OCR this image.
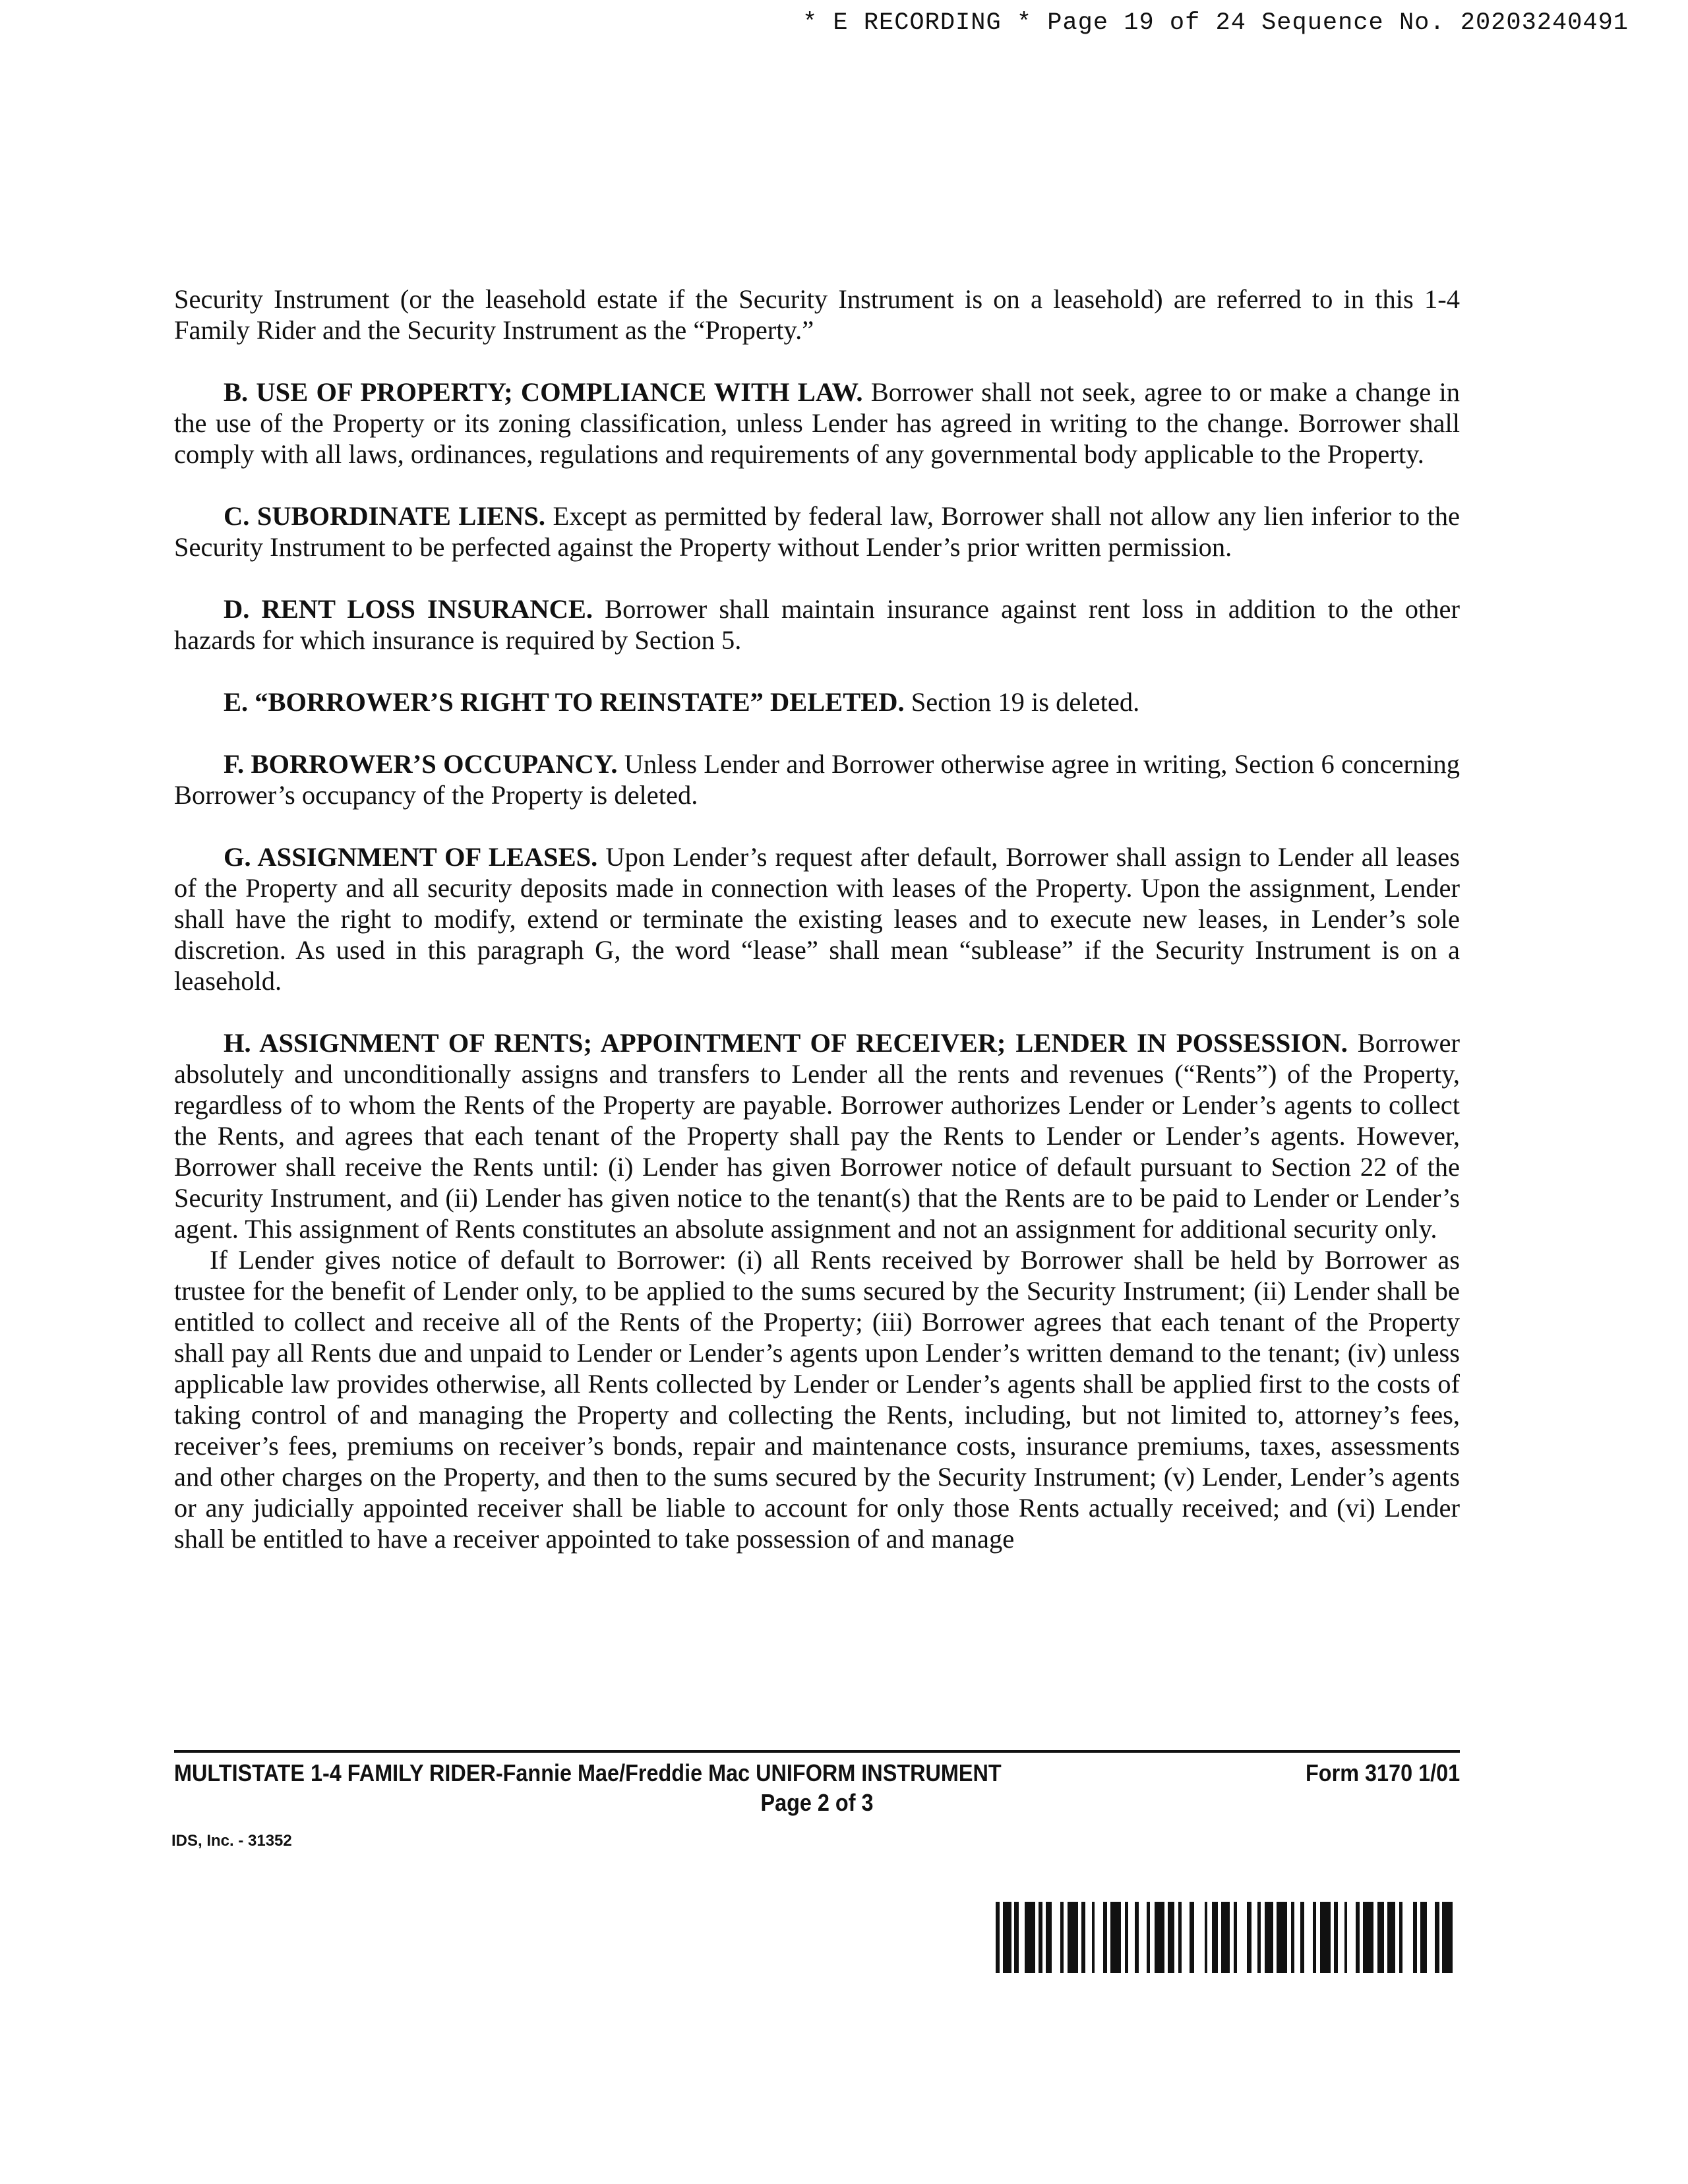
* E RECORDING * Page 19 of 24 Sequence No. 20203240491

Security Instrument (or the leasehold estate if the Security Instrument is on a leasehold) are referred to in this 1-4 Family Rider and the Security Instrument as the “Property.”

B. USE OF PROPERTY; COMPLIANCE WITH LAW. Borrower shall not seek, agree to or make a change in the use of the Property or its zoning classification, unless Lender has agreed in writing to the change. Borrower shall comply with all laws, ordinances, regulations and requirements of any governmental body applicable to the Property.

C. SUBORDINATE LIENS. Except as permitted by federal law, Borrower shall not allow any lien inferior to the Security Instrument to be perfected against the Property without Lender’s prior written permission.

D. RENT LOSS INSURANCE. Borrower shall maintain insurance against rent loss in addition to the other hazards for which insurance is required by Section 5.

E. “BORROWER’S RIGHT TO REINSTATE” DELETED. Section 19 is deleted.

F. BORROWER’S OCCUPANCY. Unless Lender and Borrower otherwise agree in writing, Section 6 concerning Borrower’s occupancy of the Property is deleted.

G. ASSIGNMENT OF LEASES. Upon Lender’s request after default, Borrower shall assign to Lender all leases of the Property and all security deposits made in connection with leases of the Property. Upon the assignment, Lender shall have the right to modify, extend or terminate the existing leases and to execute new leases, in Lender’s sole discretion. As used in this paragraph G, the word “lease” shall mean “sublease” if the Security Instrument is on a leasehold.

H. ASSIGNMENT OF RENTS; APPOINTMENT OF RECEIVER; LENDER IN POSSESSION. Borrower absolutely and unconditionally assigns and transfers to Lender all the rents and revenues (“Rents”) of the Property, regardless of to whom the Rents of the Property are payable. Borrower authorizes Lender or Lender’s agents to collect the Rents, and agrees that each tenant of the Property shall pay the Rents to Lender or Lender’s agents. However, Borrower shall receive the Rents until: (i) Lender has given Borrower notice of default pursuant to Section 22 of the Security Instrument, and (ii) Lender has given notice to the tenant(s) that the Rents are to be paid to Lender or Lender’s agent. This assignment of Rents constitutes an absolute assignment and not an assignment for additional security only.

If Lender gives notice of default to Borrower: (i) all Rents received by Borrower shall be held by Borrower as trustee for the benefit of Lender only, to be applied to the sums secured by the Security Instrument; (ii) Lender shall be entitled to collect and receive all of the Rents of the Property; (iii) Borrower agrees that each tenant of the Property shall pay all Rents due and unpaid to Lender or Lender’s agents upon Lender’s written demand to the tenant; (iv) unless applicable law provides otherwise, all Rents collected by Lender or Lender’s agents shall be applied first to the costs of taking control of and managing the Property and collecting the Rents, including, but not limited to, attorney’s fees, receiver’s fees, premiums on receiver’s bonds, repair and maintenance costs, insurance premiums, taxes, assessments and other charges on the Property, and then to the sums secured by the Security Instrument; (v) Lender, Lender’s agents or any judicially appointed receiver shall be liable to account for only those Rents actually received; and (vi) Lender shall be entitled to have a receiver appointed to take possession of and manage

MULTISTATE 1-4 FAMILY RIDER-Fannie Mae/Freddie Mac UNIFORM INSTRUMENT	Form 3170 1/01
Page 2 of 3
IDS, Inc. - 31352
